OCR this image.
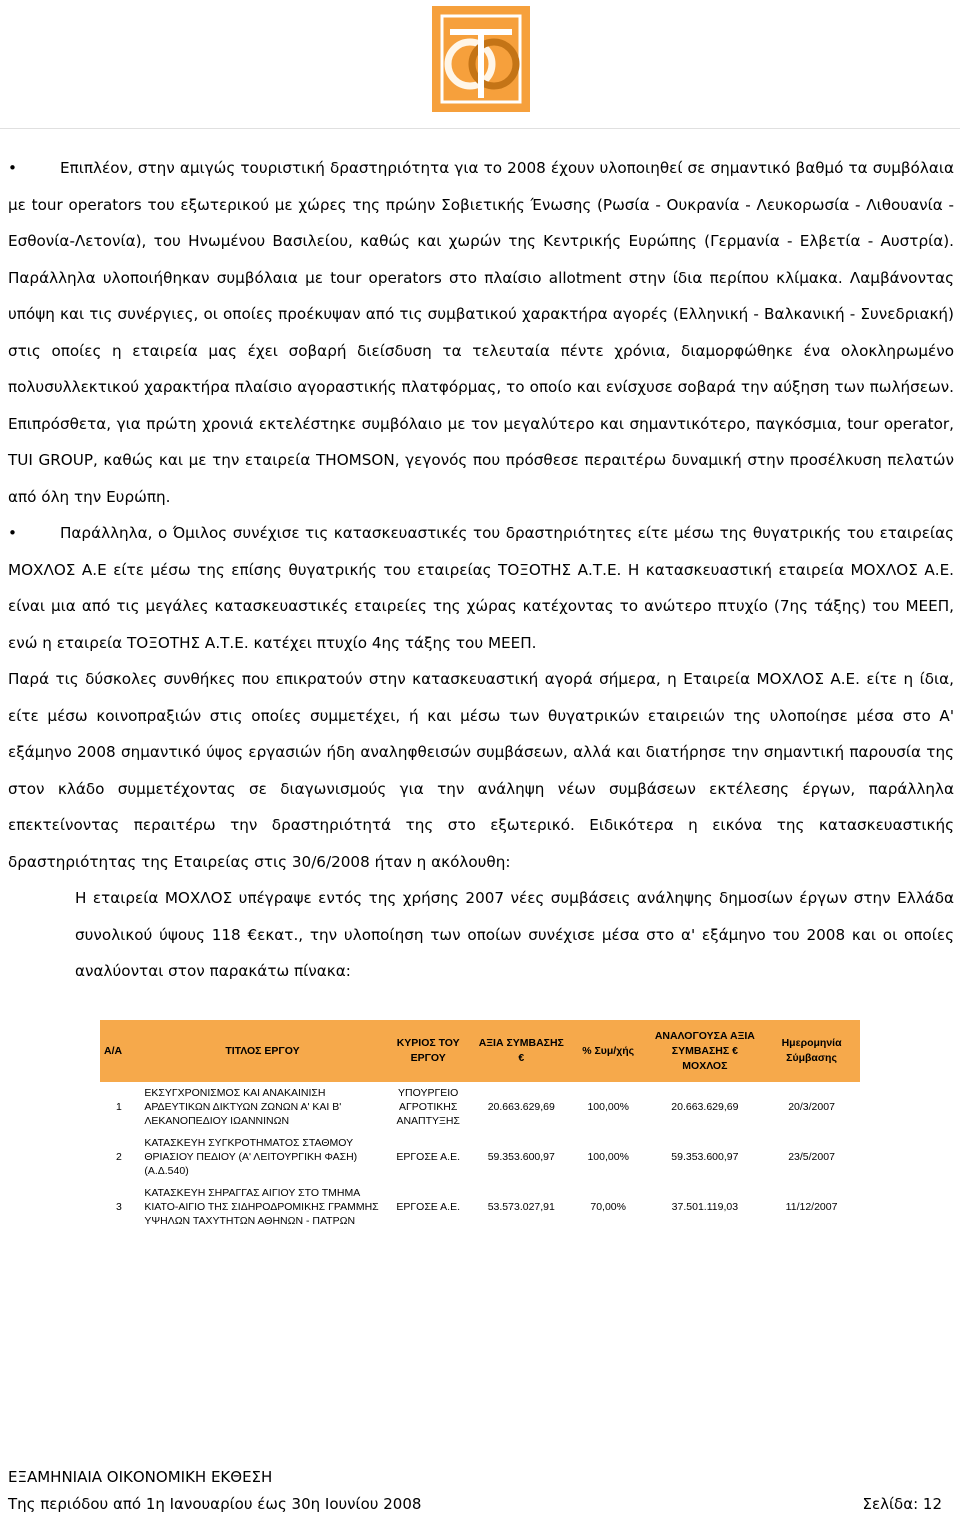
•	Επιπλέον, στην αμιγώς τουριστική δραστηριότητα για το 2008 έχουν υλοποιηθεί σε σημαντικό βαθμό τα συμβόλαια με tour operators του εξωτερικού με χώρες της πρώην Σοβιετικής Ένωσης (Ρωσία - Ουκρανία - Λευκορωσία - Λιθουανία - Εσθονία-Λετονία), του Ηνωμένου Βασιλείου, καθώς και χωρών της Κεντρικής Ευρώπης (Γερμανία - Ελβετία - Αυστρία). Παράλληλα υλοποιήθηκαν συμβόλαια με tour operators στο πλαίσιο allotment στην ίδια περίπου κλίμακα. Λαμβάνοντας υπόψη και τις συνέργιες, οι οποίες προέκυψαν από τις συμβατικού χαρακτήρα αγορές (Ελληνική - Βαλκανική - Συνεδριακή) στις οποίες η εταιρεία μας έχει σοβαρή διείσδυση τα τελευταία πέντε χρόνια, διαμορφώθηκε ένα ολοκληρωμένο πολυσυλλεκτικού χαρακτήρα πλαίσιο αγοραστικής πλατφόρμας, το οποίο και ενίσχυσε σοβαρά την αύξηση των πωλήσεων. Επιπρόσθετα, για πρώτη χρονιά εκτελέστηκε συμβόλαιο με τον μεγαλύτερο και σημαντικότερο, παγκόσμια, tour operator, TUI GROUP, καθώς και με την εταιρεία THOMSON, γεγονός που πρόσθεσε περαιτέρω δυναμική στην προσέλκυση πελατών από όλη την Ευρώπη.

•	Παράλληλα, ο Όμιλος συνέχισε τις κατασκευαστικές του δραστηριότητες είτε μέσω της θυγατρικής του εταιρείας ΜΟΧΛΟΣ Α.Ε είτε μέσω της επίσης θυγατρικής του εταιρείας ΤΟΞΟΤΗΣ Α.Τ.Ε. Η κατασκευαστική εταιρεία ΜΟΧΛΟΣ Α.Ε. είναι μια από τις μεγάλες κατασκευαστικές εταιρείες της χώρας κατέχοντας το ανώτερο πτυχίο (7ης τάξης) του ΜΕΕΠ, ενώ η εταιρεία ΤΟΞΟΤΗΣ Α.Τ.Ε. κατέχει πτυχίο 4ης τάξης του ΜΕΕΠ.

Παρά τις δύσκολες συνθήκες που επικρατούν στην κατασκευαστική αγορά σήμερα, η Εταιρεία ΜΟΧΛΟΣ Α.Ε. είτε η ίδια, είτε μέσω κοινοπραξιών στις οποίες συμμετέχει, ή και μέσω των θυγατρικών εταιρειών της υλοποίησε μέσα στο Α' εξάμηνο 2008 σημαντικό ύψος εργασιών ήδη αναληφθεισών συμβάσεων, αλλά και διατήρησε την σημαντική παρουσία της στον κλάδο συμμετέχοντας σε διαγωνισμούς για την ανάληψη νέων συμβάσεων εκτέλεσης έργων, παράλληλα επεκτείνοντας περαιτέρω την δραστηριότητά της στο εξωτερικό. Ειδικότερα η εικόνα της κατασκευαστικής δραστηριότητας της Εταιρείας στις 30/6/2008 ήταν η ακόλουθη:

Η εταιρεία ΜΟΧΛΟΣ υπέγραψε εντός της χρήσης 2007 νέες συμβάσεις ανάληψης δημοσίων έργων στην Ελλάδα συνολικού ύψους 118 €εκατ., την υλοποίηση των οποίων συνέχισε μέσα στο α' εξάμηνο του 2008 και οι οποίες αναλύονται στον παρακάτω πίνακα:

Α/Α	ΤΙΤΛΟΣ ΕΡΓΟΥ	ΚΥΡΙΟΣ ΤΟΥ ΕΡΓΟΥ	ΑΞΙΑ ΣΥΜΒΑΣΗΣ €	% Συμ/χής	ΑΝΑΛΟΓΟΥΣΑ ΑΞΙΑ ΣΥΜΒΑΣΗΣ € ΜΟΧΛΟΣ	Ημερομηνία Σύμβασης
1	ΕΚΣΥΓΧΡΟΝΙΣΜΟΣ ΚΑΙ ΑΝΑΚΑΙΝΙΣΗ ΑΡΔΕΥΤΙΚΩΝ ΔΙΚΤΥΩΝ ΖΩΝΩΝ Α' ΚΑΙ Β' ΛΕΚΑΝΟΠΕΔΙΟΥ ΙΩΑΝΝΙΝΩΝ	ΥΠΟΥΡΓΕΙΟ ΑΓΡΟΤΙΚΗΣ ΑΝΑΠΤΥΞΗΣ	20.663.629,69	100,00%	20.663.629,69	20/3/2007
2	ΚΑΤΑΣΚΕΥΗ ΣΥΓΚΡΟΤΗΜΑΤΟΣ ΣΤΑΘΜΟΥ ΘΡΙΑΣΙΟΥ ΠΕΔΙΟΥ (Α' ΛΕΙΤΟΥΡΓΙΚΗ ΦΑΣΗ) (Α.Δ.540)	ΕΡΓΟΣΕ Α.Ε.	59.353.600,97	100,00%	59.353.600,97	23/5/2007
3	ΚΑΤΑΣΚΕΥΗ ΣΗΡΑΓΓΑΣ ΑΙΓΙΟΥ ΣΤΟ ΤΜΗΜΑ ΚΙΑΤΟ-ΑΙΓΙΟ ΤΗΣ ΣΙΔΗΡΟΔΡΟΜΙΚΗΣ ΓΡΑΜΜΗΣ ΥΨΗΛΩΝ ΤΑΧΥΤΗΤΩΝ ΑΘΗΝΩΝ - ΠΑΤΡΩΝ	ΕΡΓΟΣΕ Α.Ε.	53.573.027,91	70,00%	37.501.119,03	11/12/2007
ΕΞΑΜΗΝΙΑΙΑ ΟΙΚΟΝΟΜΙΚΗ ΕΚΘΕΣΗ
Της περιόδου από 1η Ιανουαρίου έως 30η Ιουνίου 2008	Σελίδα: 12
